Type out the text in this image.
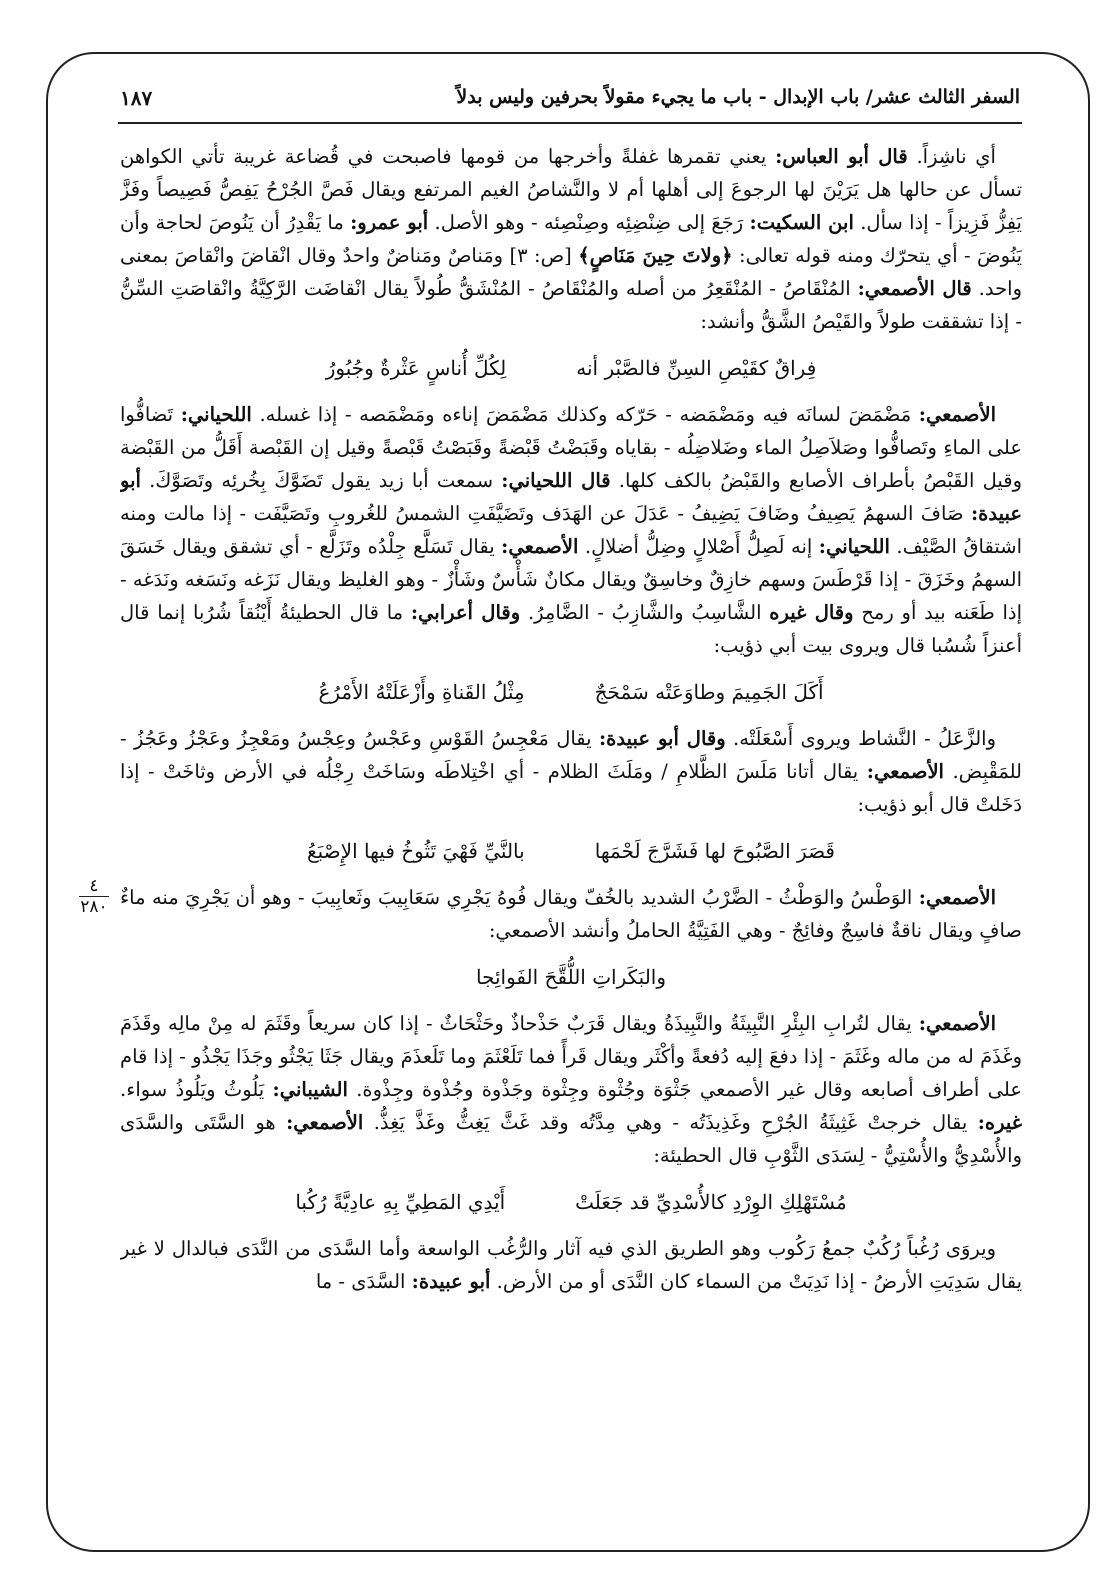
السفر الثالث عشر/ باب الإبدال - باب ما يجيء مقولاً بحرفين وليس بدلاً
١٨٧
٤
٢٨٠

أي ناشِزاً. قال أبو العباس: يعني تقمرها غفلةً وأخرجها من قومها فاصبحت في قُضاعة غريبة تأتي الكواهن تسأل عن حالها هل يَرَيْنَ لها الرجوعَ إلى أهلها أم لا والنَّشاصُ الغيم المرتفع ويقال فَصَّ الجُرْحُ يَفِصُّ فَصِيصاً وفَزَّ يَفِزُّ فَزِيزاً - إذا سأل. ابن السكيت: رَجَعَ إلى ضِنْضِئِه وصِنْصِئه - وهو الأصل. أبو عمرو: ما يَقْدِرُ أن يَنُوصَ لحاجة وأن يَنُوضَ - أي يتحرّك ومنه قوله تعالى: ﴿ولاتَ حِينَ مَنَاصٍ﴾ [ص: ٣] ومَناصٌ ومَناضٌ واحدٌ وقال انْقاضَ وانْقاصَ بمعنى واحد. قال الأصمعي: المُنْقَاصُ - المُنْقَعِرُ من أصله والمُنْقَاصُ - المُنْشَقُّ طُولاً يقال انْقاضَت الرَّكِيَّةُ وانْقاصَتِ السِّنُّ - إذا تشققت طولاً والقَيْصُ الشَّقُّ وأنشد:

فِراقٌ كقَيْصِ السِنِّ فالصَّبْر أنه
لِكُلِّ أُناسٍ عَثْرةٌ وجُبُورُ

الأصمعي: مَضْمَضَ لسانَه فيه ومَضْمَضه - حَرّكه وكذلك مَضْمَضَ إناءه ومَضْمَصه - إذا غسله. اللحياني: تَضافُّوا على الماءِ وتَصافُّوا وصَلاَصِلُ الماء وضَلاضِلُه - بقاياه وقَبَضْتُ قَبْضةً وقَبَصْتُ قَبْصةً وقيل إن القَبْصة أَقَلُّ من القَبْضة وقيل القَبْصُ بأطراف الأصابع والقَبْضُ بالكف كلها. قال اللحياني: سمعت أبا زيد يقول تَضَوَّكَ بِخُرئِه وتَصَوَّكَ. أبو عبيدة: صَافَ السهمُ يَصِيفُ وضَافَ يَضِيفُ - عَدَلَ عن الهَدَف وتَضَيَّفَتِ الشمسُ للغُروبِ وتَصَيَّفَت - إذا مالت ومنه اشتقاقُ الصَّيْف. اللحياني: إنه لَصِلُّ أَصْلالٍ وضِلُّ أضلالٍ. الأصمعي: يقال تَسَلَّع جِلْدُه وتَزَلَّع - أي تشقق ويقال خَسَقَ السهمُ وخَزَقَ - إذا قَرْطَسَ وسهم خازِقٌ وخاسِقٌ ويقال مكانٌ شَأْسٌ وشَأْزٌ - وهو الغليظ ويقال نَزَغه ونَسَغه ونَدَغه - إذا طَعَنه بيد أو رمح وقال غيره الشَّاسِبُ والشَّازِبُ - الضَّامِرُ. وقال أعرابي: ما قال الحطيئةُ أَيْنُقاً شُرُبا إنما قال أعنزاً شُسُبا قال ويروى بيت أبي ذؤيب:

أَكَلَ الجَمِيمَ وطاوَعَتْه سَمْحَجٌ
مِثْلُ القَناةِ وأَزْعَلَتْهُ الأَمْرُعُ

والزَّعَلُ - النَّشاط ويروى أَسْعَلَتْه. وقال أبو عبيدة: يقال مَعْجِسُ القَوْسِ وعَجْسُ وعِجْسُ ومَعْجِزُ وعَجْزُ وعَجُزُ - للمَقْبِض. الأصمعي: يقال أتانا مَلَسَ الظَّلامِ / ومَلَثَ الظلام - أي اخْتِلاطَه وسَاخَتْ رِجْلُه في الأرض وثاخَتْ - إذا دَخَلتْ قال أبو ذؤيب:

قَصَرَ الصَّبُوحَ لها فَشَرَّجَ لَحْمَها
بالنَّيِّ فَهْيَ تَثُوخُ فيها الإِصْبَعُ

الأصمعي: الوَطْسُ والوَطْثُ - الضَّرْبُ الشديد بالخُفّ ويقال فُوهُ يَجْرِي سَعَابِيبَ وثَعابِيبَ - وهو أن يَجْرِيَ منه ماءٌ صافٍ ويقال ناقةٌ فاسِجٌ وفائِجٌ - وهي الفَتِيَّةُ الحاملُ وأنشد الأصمعي:

والبَكَراتِ اللُّقَّحَ الفَوائِجا

الأصمعي: يقال لتُرابِ البِئْرِ النَّبِيثَةُ والنَّبِيذَةُ ويقال قَرَبٌ حَذْحاذٌ وحَثْحَاثٌ - إذا كان سريعاً وقَثَمَ له مِنْ مالِه وقَذَمَ وغَذَمَ له من ماله وغَثَمَ - إذا دفعَ إليه دُفعةً وأكْثَر ويقال قَرأً فما تَلَعْثَمَ وما تَلَعذَمَ ويقال جَثَا يَجْثُو وجَذَا يَجْذُو - إذا قام على أطراف أصابعه وقال غير الأصمعي جَثْوَة وجُثْوة وجِثْوة وجَذْوة وجُذْوة وجِذْوة. الشيباني: يَلُوثُ ويَلُوذُ سواء. غيره: يقال خرجتْ غَثِيثَةُ الجُرْحِ وغَذِيذَتُه - وهي مِدَّتُه وقد غَثَّ يَغِثُّ وغَذَّ يَغِذُّ. الأصمعي: هو السَّتَى والسَّدَى والأُسْدِيُّ والأُسْتِيُّ - لِسَدَى الثَّوْبِ قال الحطيئة:

مُسْتَهْلِكِ الوِرْدِ كالأُسْدِيِّ قد جَعَلَتْ
أَيْدِي المَطِيِّ بِهِ عادِيَّةً رُكُبا

ويروَى رُغُباً رُكُبٌ جمعُ رَكُوب وهو الطريق الذي فيه آثار والرُّغُب الواسعة وأما السَّدَى من النَّدَى فبالدال لا غير يقال سَدِيَتِ الأرضُ - إذا نَدِيَتْ من السماء كان النَّدَى أو من الأرض. أبو عبيدة: السَّدَى - ما
